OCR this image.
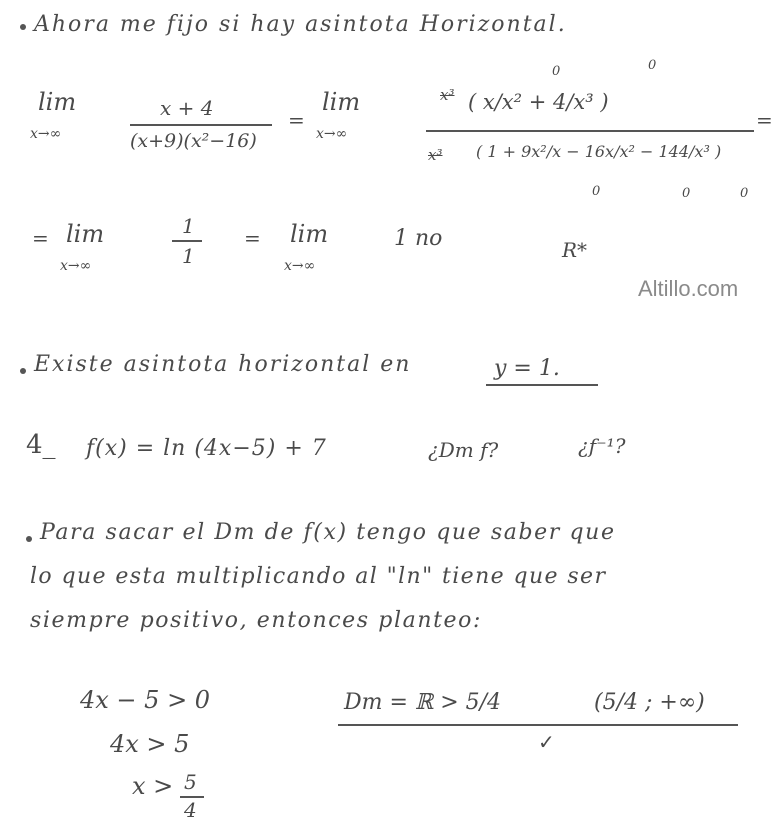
Altillo.com
Ahora me fijo si hay asintota Horizontal.
lim
x→∞
x + 4
(x+9)(x²−16)
=
lim
x→∞
x³ ( x/x² + 4/x³ )
0	0
x³ ( 1 + 9x²/x − 16x/x² − 144/x³ )
0	0	0
=
= lim
x→∞
1
1
= lim
x→∞
1 no	R*
Existe asintota horizontal en	y = 1.
4_ f(x) = ln (4x−5) + 7	¿Dm f?	¿f⁻¹?
Para sacar el Dm de f(x) tengo que saber que
lo que esta multiplicando al "ln" tiene que ser
siempre positivo, entonces planteo:
4x − 5 > 0
4x > 5
x > 5
4
Dm = ℝ > 5/4	(5/4 ; +∞)
✓
